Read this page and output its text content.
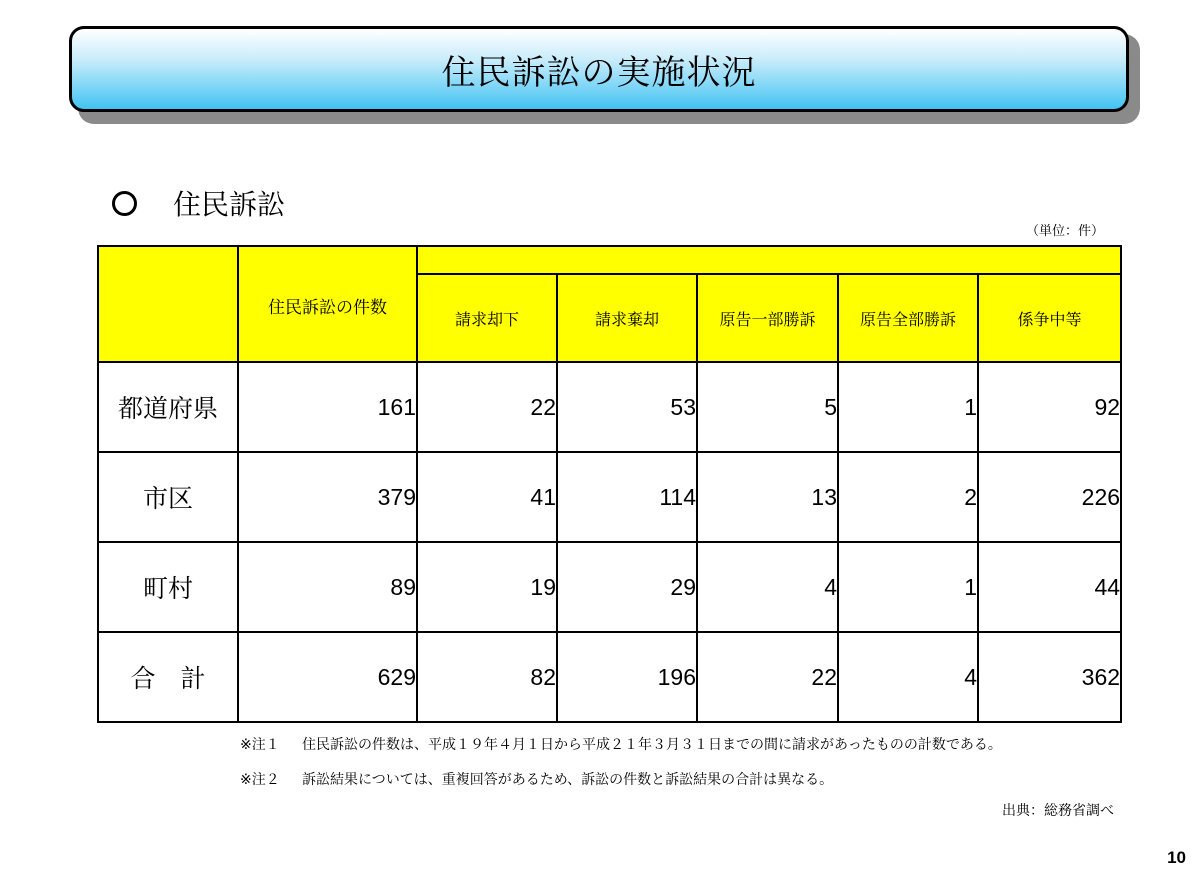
住民訴訟の実施状況
住民訴訟
（単位：件）
	住民訴訟の件数					
		請求却下	請求棄却	原告一部勝訴	原告全部勝訴	係争中等
都道府県	161	22	53	5	1	92
市区	379	41	114	13	2	226
町村	89	19	29	4	1	44
合　計	629	82	196	22	4	362
※注１ 住民訴訟の件数は、平成１９年４月１日から平成２１年３月３１日までの間に請求があったものの計数である。
※注２ 訴訟結果については、重複回答があるため、訴訟の件数と訴訟結果の合計は異なる。
出典：総務省調べ
10
